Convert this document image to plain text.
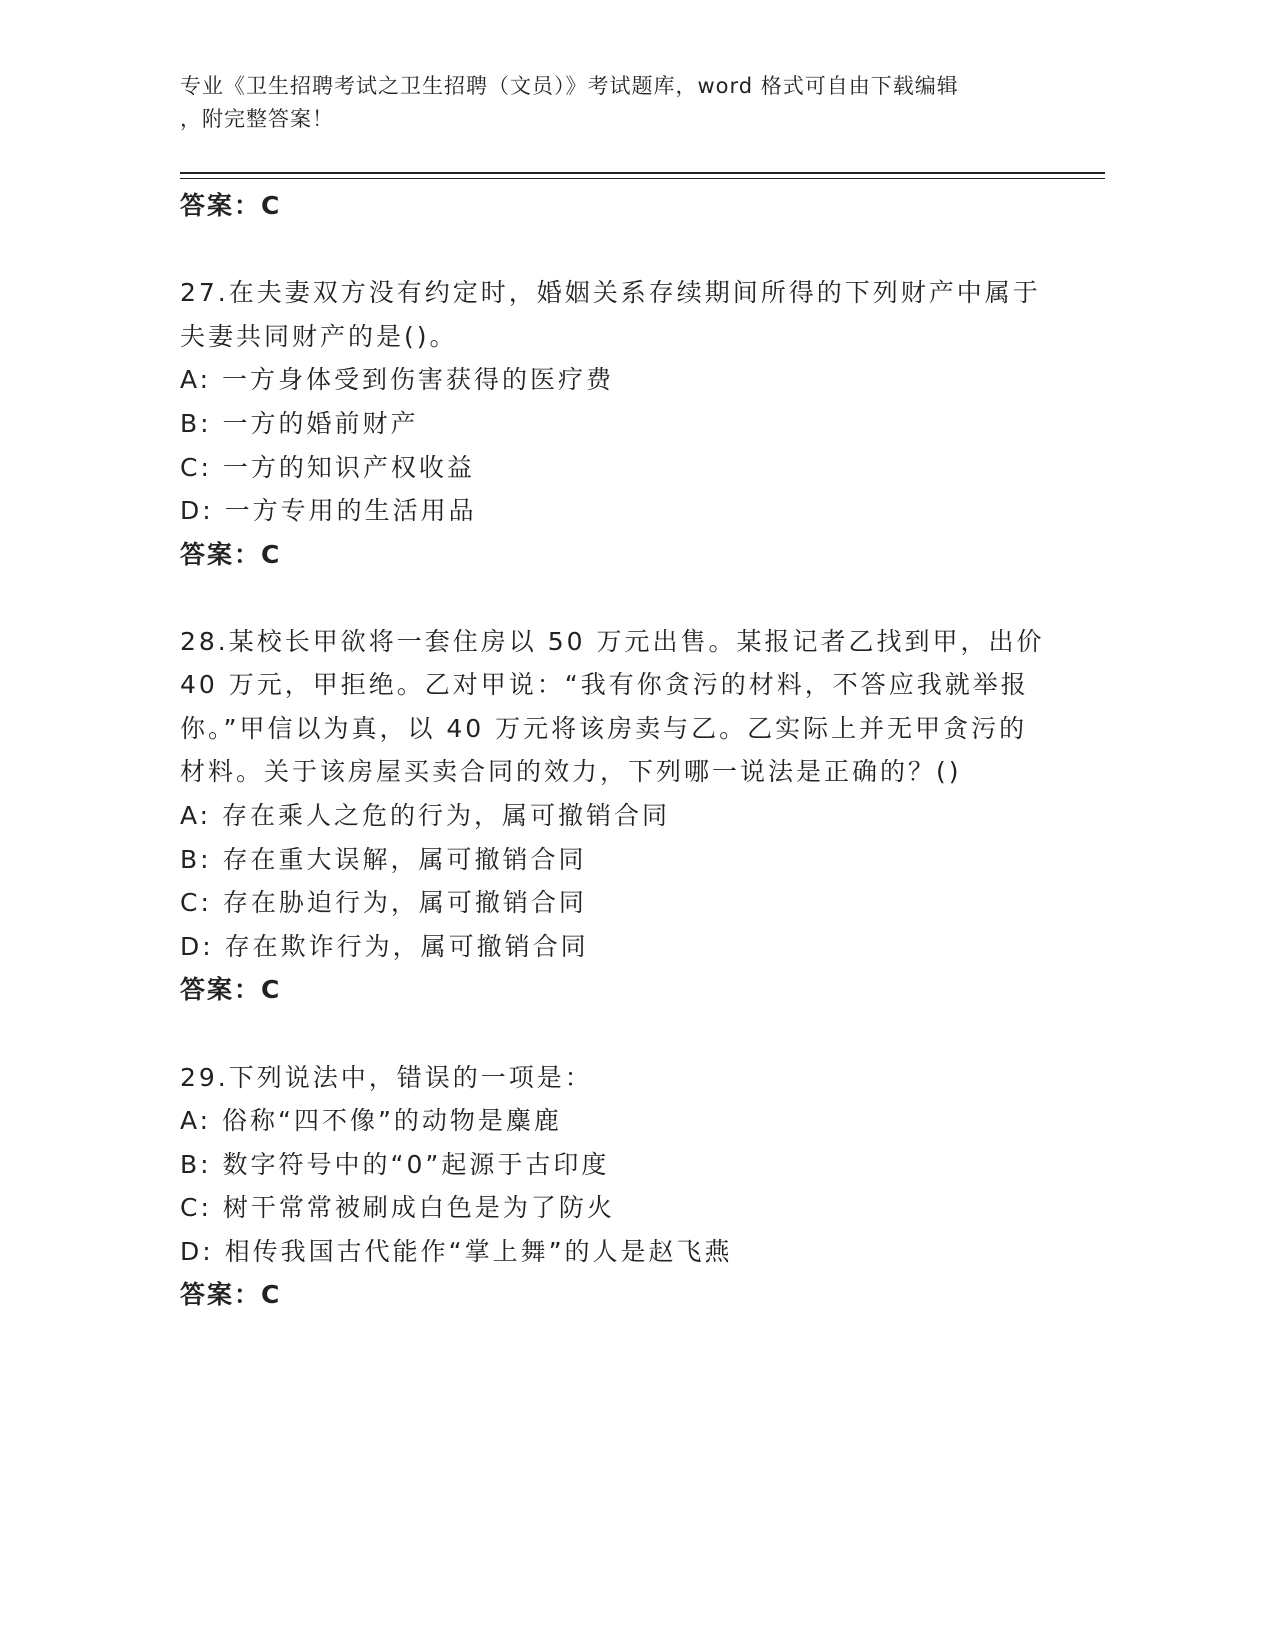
专业《卫生招聘考试之卫生招聘（文员）》考试题库，word 格式可自由下载编辑
，附完整答案！
答案：C
27.在夫妻双方没有约定时，婚姻关系存续期间所得的下列财产中属于
夫妻共同财产的是()。
A: 一方身体受到伤害获得的医疗费
B: 一方的婚前财产
C: 一方的知识产权收益
D: 一方专用的生活用品
答案：C
28.某校长甲欲将一套住房以 50 万元出售。某报记者乙找到甲，出价
40 万元，甲拒绝。乙对甲说：“我有你贪污的材料，不答应我就举报
你。”甲信以为真，以 40 万元将该房卖与乙。乙实际上并无甲贪污的
材料。关于该房屋买卖合同的效力，下列哪一说法是正确的？()
A: 存在乘人之危的行为，属可撤销合同
B: 存在重大误解，属可撤销合同
C: 存在胁迫行为，属可撤销合同
D: 存在欺诈行为，属可撤销合同
答案：C
29.下列说法中，错误的一项是：
A: 俗称“四不像”的动物是麋鹿
B: 数字符号中的“0”起源于古印度
C: 树干常常被刷成白色是为了防火
D: 相传我国古代能作“掌上舞”的人是赵飞燕
答案：C
